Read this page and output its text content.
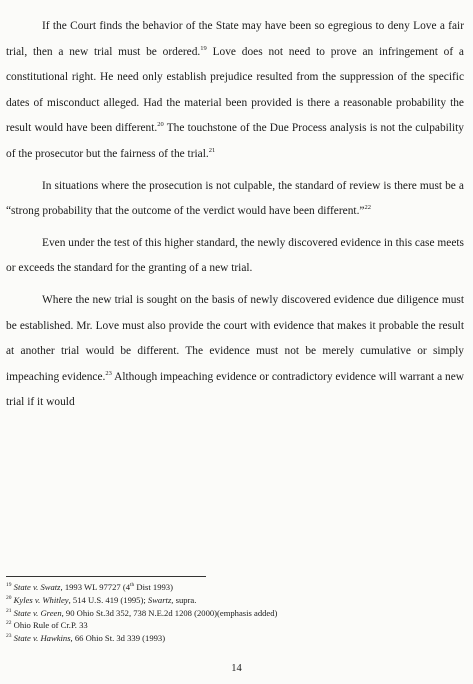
If the Court finds the behavior of the State may have been so egregious to deny Love a fair trial, then a new trial must be ordered.$^{19}$ Love does not need to prove an infringement of a constitutional right. He need only establish prejudice resulted from the suppression of the specific dates of misconduct alleged. Had the material been provided is there a reasonable probability the result would have been different.$^{20}$ The touchstone of the Due Process analysis is not the culpability of the prosecutor but the fairness of the trial.$^{21}$

In situations where the prosecution is not culpable, the standard of review is there must be a “strong probability that the outcome of the verdict would have been different.”$^{22}$

Even under the test of this higher standard, the newly discovered evidence in this case meets or exceeds the standard for the granting of a new trial.

Where the new trial is sought on the basis of newly discovered evidence due diligence must be established. Mr. Love must also provide the court with evidence that makes it probable the result at another trial would be different. The evidence must not be merely cumulative or simply impeaching evidence.$^{23}$ Although impeaching evidence or contradictory evidence will warrant a new trial if it would

$^{19}$ State v. Swatz, 1993 WL 97727 (4th Dist 1993)
$^{20}$ Kyles v. Whitley, 514 U.S. 419 (1995); Swartz, supra.
$^{21}$ State v. Green, 90 Ohio St.3d 352, 738 N.E.2d 1208 (2000)(emphasis added)
$^{22}$ Ohio Rule of Cr.P. 33
$^{23}$ State v. Hawkins, 66 Ohio St. 3d 339 (1993)
14
